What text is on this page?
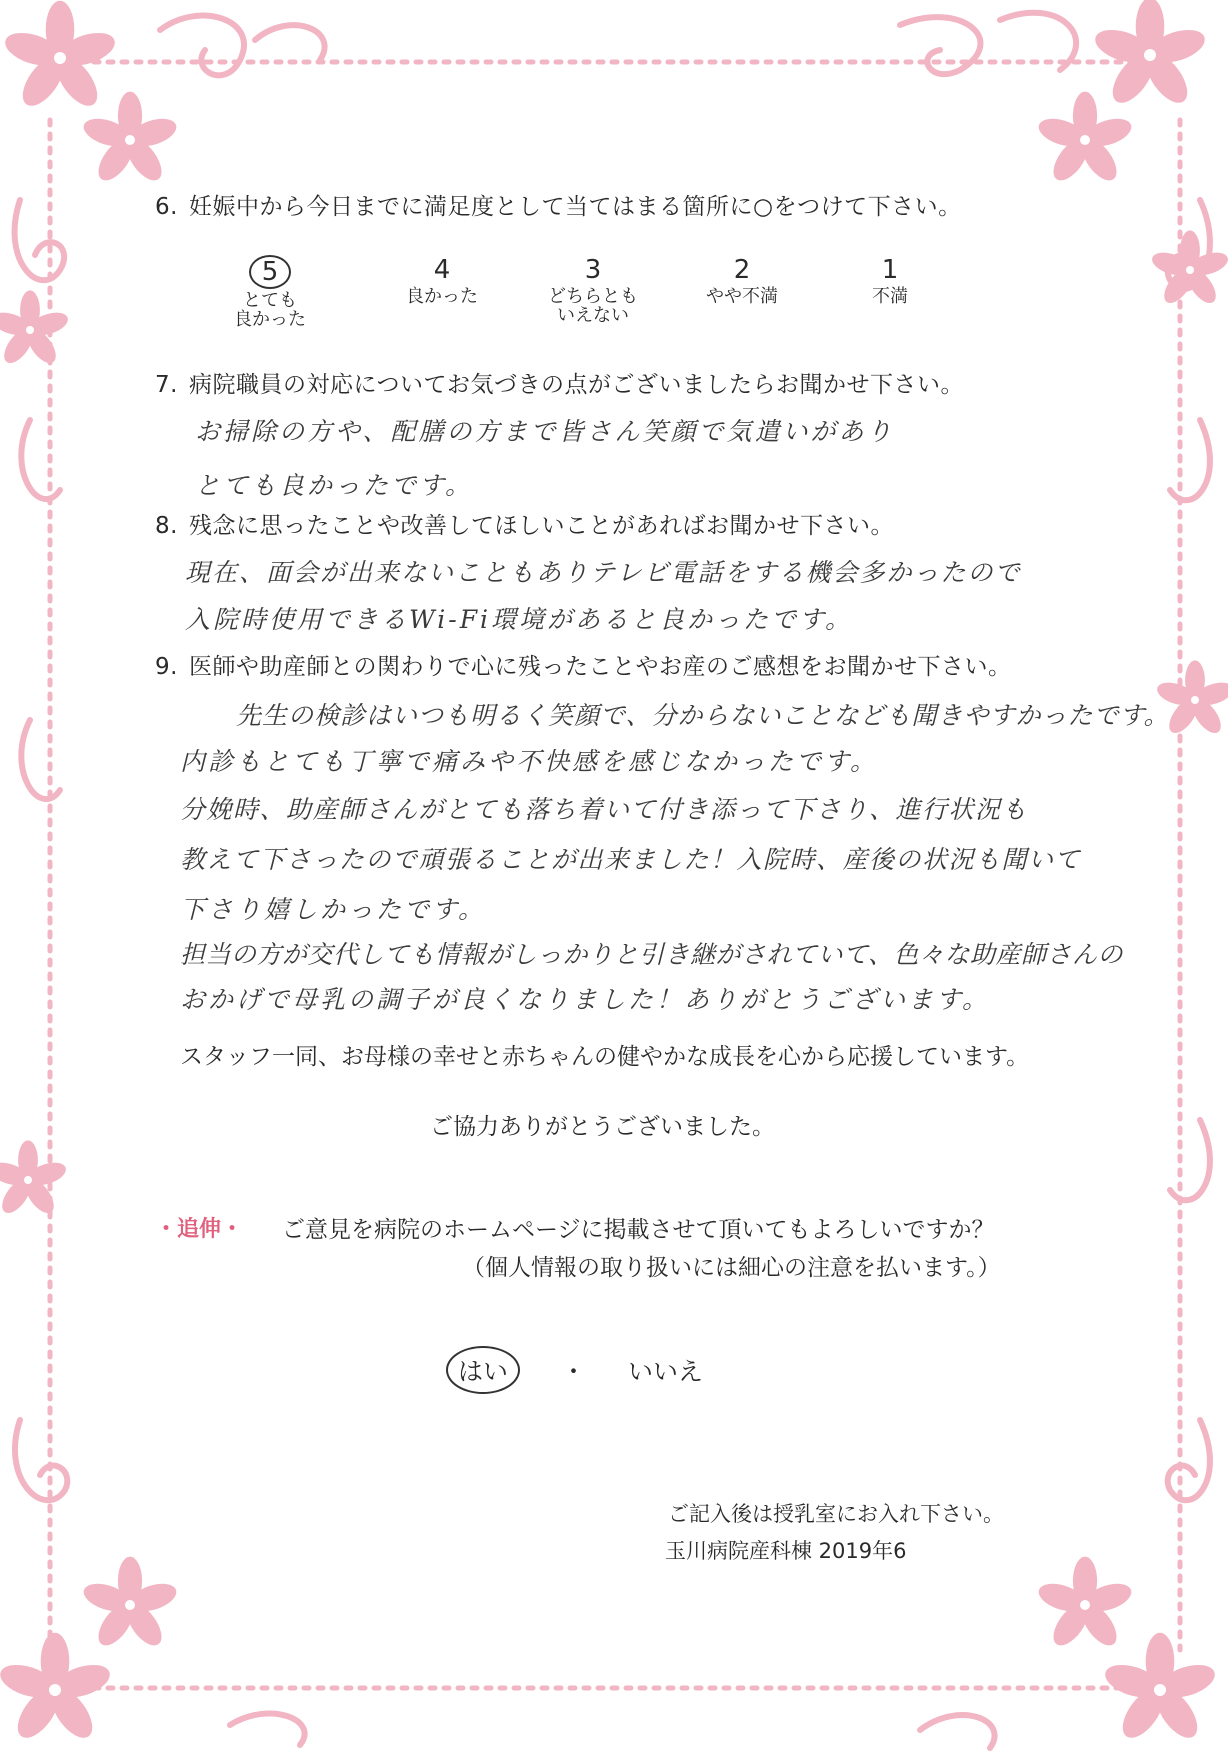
6. 妊娠中から今日までに満足度として当てはまる箇所に○をつけて下さい。
5
とても
良かった
4
良かった
3
どちらとも
いえない
2
やや不満
1
不満
7. 病院職員の対応についてお気づきの点がございましたらお聞かせ下さい。
お掃除の方や、配膳の方まで皆さん笑顔で気遣いがあり
とても良かったです。
8. 残念に思ったことや改善してほしいことがあればお聞かせ下さい。
現在、面会が出来ないこともありテレビ電話をする機会多かったので
入院時使用できるWi-Fi環境があると良かったです。
9. 医師や助産師との関わりで心に残ったことやお産のご感想をお聞かせ下さい。
先生の検診はいつも明るく笑顔で、分からないことなども聞きやすかったです。
内診もとても丁寧で痛みや不快感を感じなかったです。
分娩時、助産師さんがとても落ち着いて付き添って下さり、進行状況も
教えて下さったので頑張ることが出来ました！入院時、産後の状況も聞いて
下さり嬉しかったです。
担当の方が交代しても情報がしっかりと引き継がされていて、色々な助産師さんの
おかげで母乳の調子が良くなりました！ありがとうございます。
スタッフ一同、お母様の幸せと赤ちゃんの健やかな成長を心から応援しています。
ご協力ありがとうございました。
・追伸・ ご意見を病院のホームページに掲載させて頂いてもよろしいですか？
（個人情報の取り扱いには細心の注意を払います。）
はい	・ いいえ
ご記入後は授乳室にお入れ下さい。
玉川病院産科棟 2019年6
